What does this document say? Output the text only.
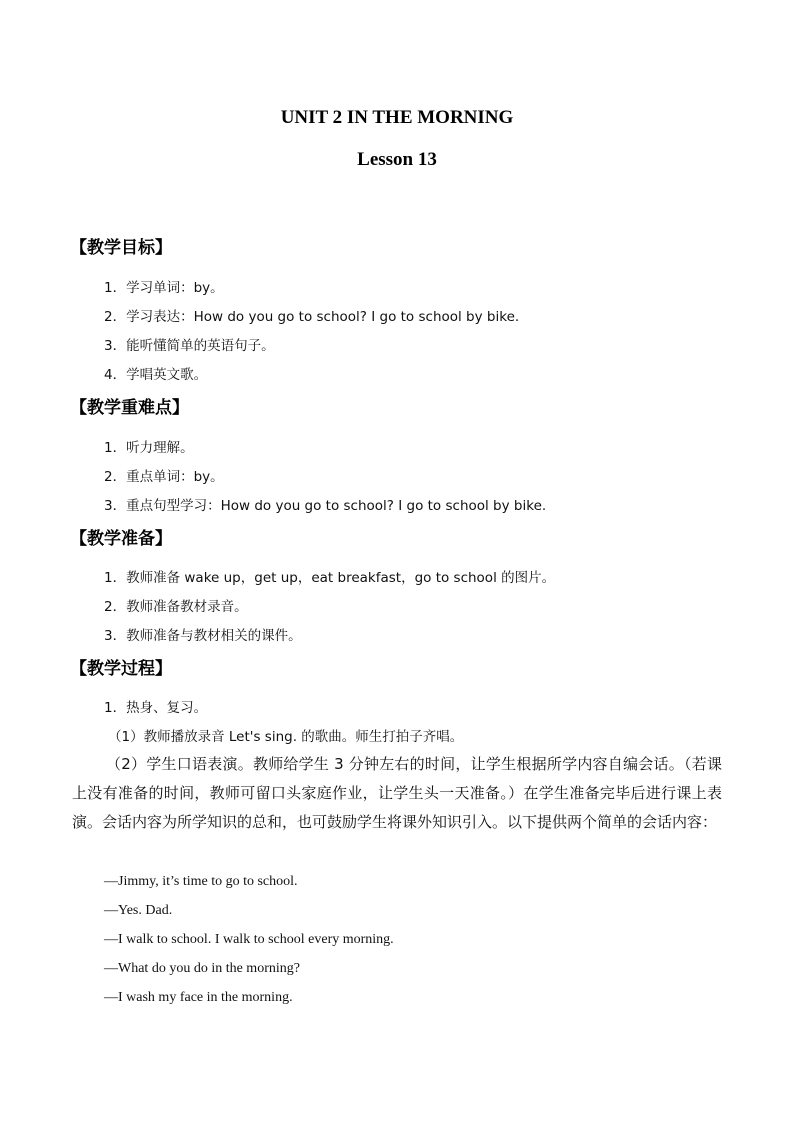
UNIT 2 IN THE MORNING
Lesson 13
【教学目标】
1．学习单词：by。
2．学习表达：How do you go to school? I go to school by bike.
3．能听懂简单的英语句子。
4．学唱英文歌。
【教学重难点】
1．听力理解。
2．重点单词：by。
3．重点句型学习：How do you go to school? I go to school by bike.
【教学准备】
1．教师准备 wake up，get up，eat breakfast，go to school 的图片。
2．教师准备教材录音。
3．教师准备与教材相关的课件。
【教学过程】
1．热身、复习。
（1）教师播放录音 Let's sing. 的歌曲。师生打拍子齐唱。
（2）学生口语表演。教师给学生 3 分钟左右的时间，让学生根据所学内容自编会话。（若课上没有准备的时间，教师可留口头家庭作业，让学生头一天准备。）在学生准备完毕后进行课上表演。会话内容为所学知识的总和，也可鼓励学生将课外知识引入。以下提供两个简单的会话内容：
—Jimmy, it’s time to go to school.
—Yes. Dad.
—I walk to school. I walk to school every morning.
—What do you do in the morning?
—I wash my face in the morning.
